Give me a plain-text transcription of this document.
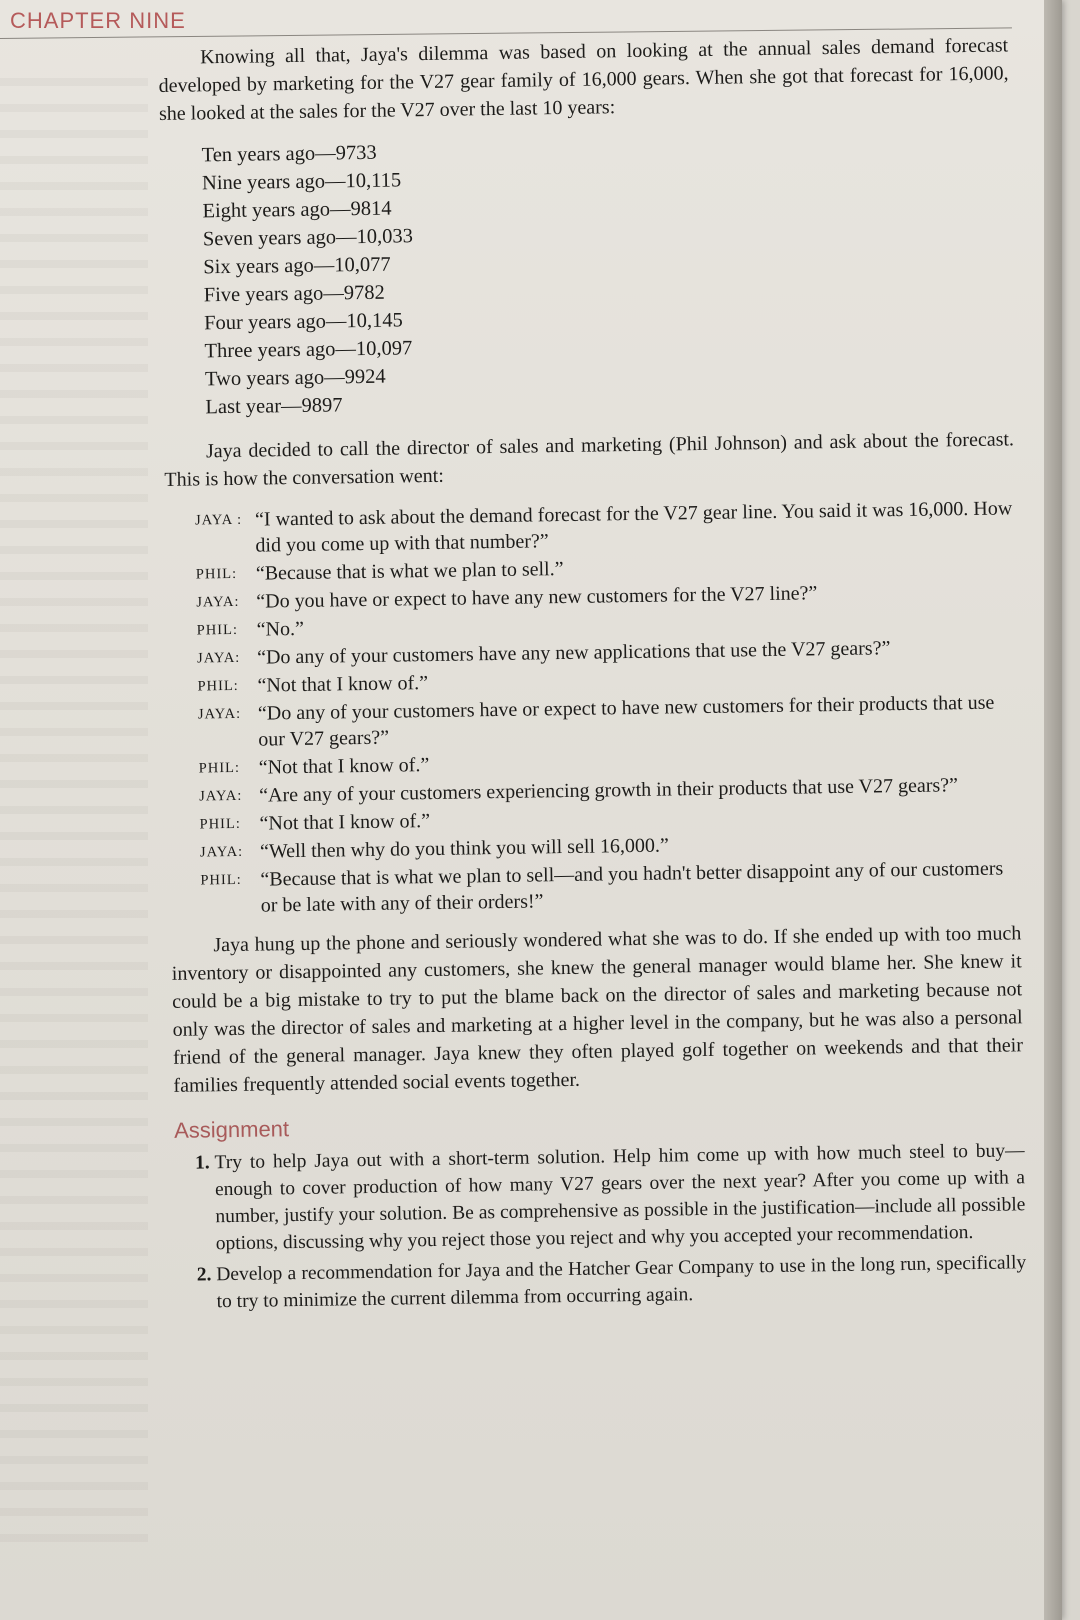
CHAPTER NINE

Knowing all that, Jaya's dilemma was based on looking at the annual sales demand forecast developed by marketing for the V27 gear family of 16,000 gears. When she got that forecast for 16,000, she looked at the sales for the V27 over the last 10 years:

Ten years ago—9733
Nine years ago—10,115
Eight years ago—9814
Seven years ago—10,033
Six years ago—10,077
Five years ago—9782
Four years ago—10,145
Three years ago—10,097
Two years ago—9924
Last year—9897

Jaya decided to call the director of sales and marketing (Phil Johnson) and ask about the forecast. This is how the conversation went:

JAYA : “I wanted to ask about the demand forecast for the V27 gear line. You said it was 16,000. How did you come up with that number?”
PHIL: “Because that is what we plan to sell.”
JAYA: “Do you have or expect to have any new customers for the V27 line?”
PHIL: “No.”
JAYA: “Do any of your customers have any new applications that use the V27 gears?”
PHIL: “Not that I know of.”
JAYA: “Do any of your customers have or expect to have new customers for their products that use our V27 gears?”
PHIL: “Not that I know of.”
JAYA: “Are any of your customers experiencing growth in their products that use V27 gears?”
PHIL: “Not that I know of.”
JAYA: “Well then why do you think you will sell 16,000.”
PHIL: “Because that is what we plan to sell—and you hadn't better disappoint any of our customers or be late with any of their orders!”

Jaya hung up the phone and seriously wondered what she was to do. If she ended up with too much inventory or disappointed any customers, she knew the general manager would blame her. She knew it could be a big mistake to try to put the blame back on the director of sales and marketing because not only was the director of sales and marketing at a higher level in the company, but he was also a personal friend of the general manager. Jaya knew they often played golf together on weekends and that their families frequently attended social events together.

Assignment
1. Try to help Jaya out with a short-term solution. Help him come up with how much steel to buy—enough to cover production of how many V27 gears over the next year? After you come up with a number, justify your solution. Be as comprehensive as possible in the justification—include all possible options, discussing why you reject those you reject and why you accepted your recommendation.
2. Develop a recommendation for Jaya and the Hatcher Gear Company to use in the long run, specifically to try to minimize the current dilemma from occurring again.
